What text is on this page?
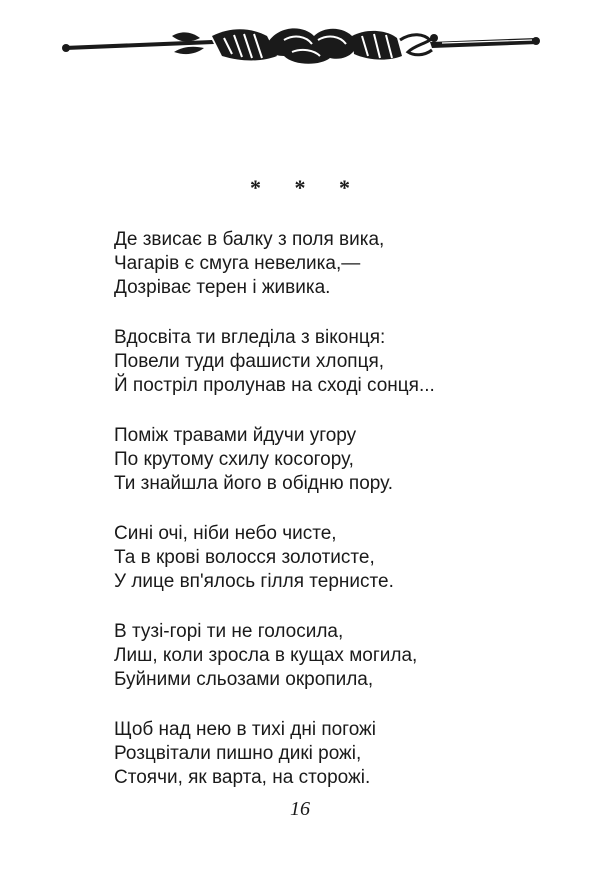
* * *
Де звисає в балку з поля вика,
Чагарів є смуга невелика,—
Дозріває терен і живика.
Вдосвіта ти вгледіла з віконця:
Повели туди фашисти хлопця,
Й постріл пролунав на сході сонця...
Поміж травами йдучи угору
По крутому схилу косогору,
Ти знайшла його в обідню пору.
Сині очі, ніби небо чисте,
Та в крові волосся золотисте,
У лице вп'ялось гілля тернисте.
В тузі-горі ти не голосила,
Лиш, коли зросла в кущах могила,
Буйними сльозами окропила,
Щоб над нею в тихі дні погожі
Розцвітали пишно дикі рожі,
Стоячи, як варта, на сторожі.
16
